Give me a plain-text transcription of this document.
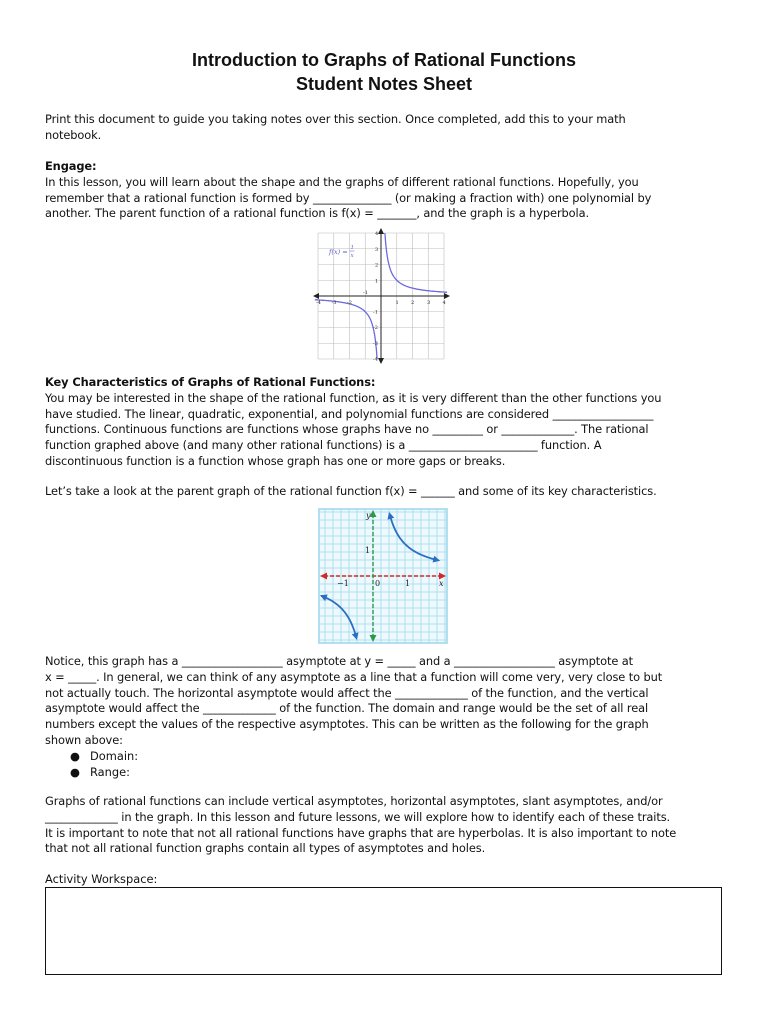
Introduction to Graphs of Rational Functions
Student Notes Sheet
Print this document to guide you taking notes over this section. Once completed, add this to your math
notebook.
Engage:
In this lesson, you will learn about the shape and the graphs of different rational functions. Hopefully, you
remember that a rational function is formed by ______________ (or making a fraction with) one polynomial by
another. The parent function of a rational function is f(x) = _______, and the graph is a hyperbola.
-4 -3 -2
-1
1 2	3 4
4
3
2
1
-1
-2
-3
-4
f(x) = 1
x
Key Characteristics of Graphs of Rational Functions:
You may be interested in the shape of the rational function, as it is very different than the other functions you
have studied. The linear, quadratic, exponential, and polynomial functions are considered __________________
functions. Continuous functions are functions whose graphs have no _________ or _____________. The rational
function graphed above (and many other rational functions) is a _______________________ function. A
discontinuous function is a function whose graph has one or more gaps or breaks.
Let’s take a look at the parent graph of the rational function f(x) = ______ and some of its key characteristics.
y
x
1
1
0
−1
Notice, this graph has a __________________ asymptote at y = _____ and a __________________ asymptote at
x = _____. In general, we can think of any asymptote as a line that a function will come very, very close to but
not actually touch. The horizontal asymptote would affect the _____________ of the function, and the vertical
asymptote would affect the _____________ of the function. The domain and range would be the set of all real
numbers except the values of the respective asymptotes. This can be written as the following for the graph
shown above:
● Domain:
● Range:
Graphs of rational functions can include vertical asymptotes, horizontal asymptotes, slant asymptotes, and/or
_____________ in the graph. In this lesson and future lessons, we will explore how to identify each of these traits.
It is important to note that not all rational functions have graphs that are hyperbolas. It is also important to note
that not all rational function graphs contain all types of asymptotes and holes.
Activity Workspace:
